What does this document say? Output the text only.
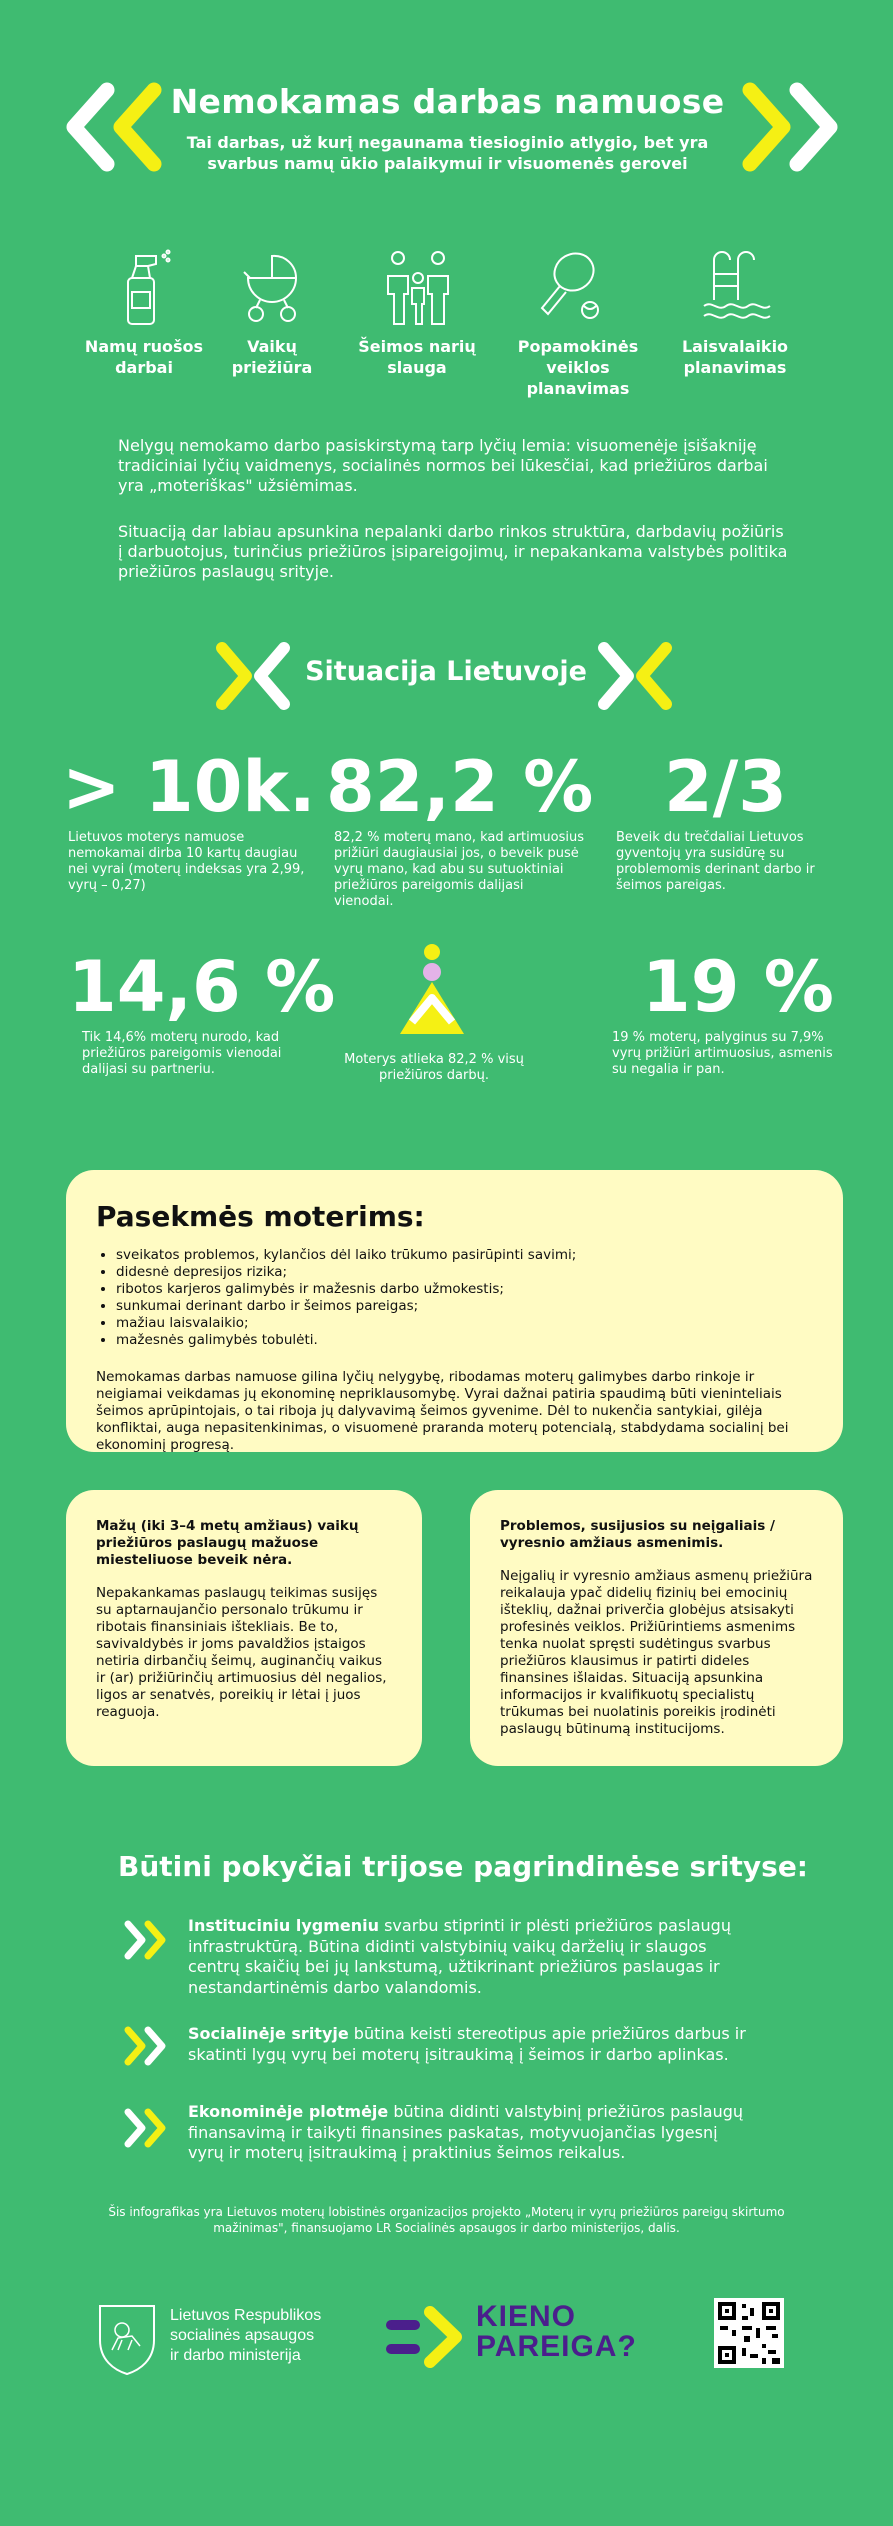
Nemokamas darbas namuose
Tai darbas, už kurį negaunama tiesioginio atlygio, bet yra svarbus namų ūkio palaikymui ir visuomenės gerovei
Namų ruošos darbai
Vaikų priežiūra
Šeimos narių slauga
Popamokinės veiklos planavimas
Laisvalaikio planavimas
Nelygų nemokamo darbo pasiskirstymą tarp lyčių lemia: visuomenėje įsišakniję tradiciniai lyčių vaidmenys, socialinės normos bei lūkesčiai, kad priežiūros darbai yra „moteriškas" užsiėmimas.
Situaciją dar labiau apsunkina nepalanki darbo rinkos struktūra, darbdavių požiūris į darbuotojus, turinčius priežiūros įsipareigojimų, ir nepakankama valstybės politika priežiūros paslaugų srityje.
Situacija Lietuvoje
> 10k.
Lietuvos moterys namuose nemokamai dirba 10 kartų daugiau nei vyrai (moterų indeksas yra 2,99, vyrų – 0,27)
82,2 %
82,2 % moterų mano, kad artimuosius prižiūri daugiausiai jos, o beveik pusė vyrų mano, kad abu su sutuoktiniai priežiūros pareigomis dalijasi vienodai.
2/3
Beveik du trečdaliai Lietuvos gyventojų yra susidūrę su problemomis derinant darbo ir šeimos pareigas.
14,6 %
Tik 14,6% moterų nurodo, kad priežiūros pareigomis vienodai dalijasi su partneriu.
Moterys atlieka 82,2 % visų priežiūros darbų.
19 %
19 % moterų, palyginus su 7,9% vyrų prižiūri artimuosius, asmenis su negalia ir pan.
Pasekmės moterims:
• sveikatos problemos, kylančios dėl laiko trūkumo pasirūpinti savimi;
• didesnė depresijos rizika;
• ribotos karjeros galimybės ir mažesnis darbo užmokestis;
• sunkumai derinant darbo ir šeimos pareigas;
• mažiau laisvalaikio;
• mažesnės galimybės tobulėti.

Nemokamas darbas namuose gilina lyčių nelygybę, ribodamas moterų galimybes darbo rinkoje ir neigiamai veikdamas jų ekonominę nepriklausomybę. Vyrai dažnai patiria spaudimą būti vieninteliais šeimos aprūpintojais, o tai riboja jų dalyvavimą šeimos gyvenime. Dėl to nukenčia santykiai, gilėja konfliktai, auga nepasitenkinimas, o visuomenė praranda moterų potencialą, stabdydama socialinį bei ekonominį progresą.

Mažų (iki 3–4 metų amžiaus) vaikų priežiūros paslaugų mažuose miesteliuose beveik nėra.

Nepakankamas paslaugų teikimas susijęs su aptarnaujančio personalo trūkumu ir ribotais finansiniais ištekliais. Be to, savivaldybės ir joms pavaldžios įstaigos netiria dirbančių šeimų, auginančių vaikus ir (ar) prižiūrinčių artimuosius dėl negalios, ligos ar senatvės, poreikių ir lėtai į juos reaguoja.

Problemos, susijusios su neįgaliais / vyresnio amžiaus asmenimis.

Neįgalių ir vyresnio amžiaus asmenų priežiūra reikalauja ypač didelių fizinių bei emocinių išteklių, dažnai priverčia globėjus atsisakyti profesinės veiklos. Prižiūrintiems asmenims tenka nuolat spręsti sudėtingus svarbus priežiūros klausimus ir patirti dideles finansines išlaidas. Situaciją apsunkina informacijos ir kvalifikuotų specialistų trūkumas bei nuolatinis poreikis įrodinėti paslaugų būtinumą institucijoms.

Būtini pokyčiai trijose pagrindinėse srityse:
Instituciniu lygmeniu svarbu stiprinti ir plėsti priežiūros paslaugų infrastruktūrą. Būtina didinti valstybinių vaikų darželių ir slaugos centrų skaičių bei jų lankstumą, užtikrinant priežiūros paslaugas ir nestandartinėmis darbo valandomis.
Socialinėje srityje būtina keisti stereotipus apie priežiūros darbus ir skatinti lygų vyrų bei moterų įsitraukimą į šeimos ir darbo aplinkas.
Ekonominėje plotmėje būtina didinti valstybinį priežiūros paslaugų finansavimą ir taikyti finansines paskatas, motyvuojančias lygesnį vyrų ir moterų įsitraukimą į praktinius šeimos reikalus.
Šis infografikas yra Lietuvos moterų lobistinės organizacijos projekto „Moterų ir vyrų priežiūros pareigų skirtumo mažinimas", finansuojamo LR Socialinės apsaugos ir darbo ministerijos, dalis.
Lietuvos Respublikos
socialinės apsaugos
ir darbo ministerija
KIENO
PAREIGA?
